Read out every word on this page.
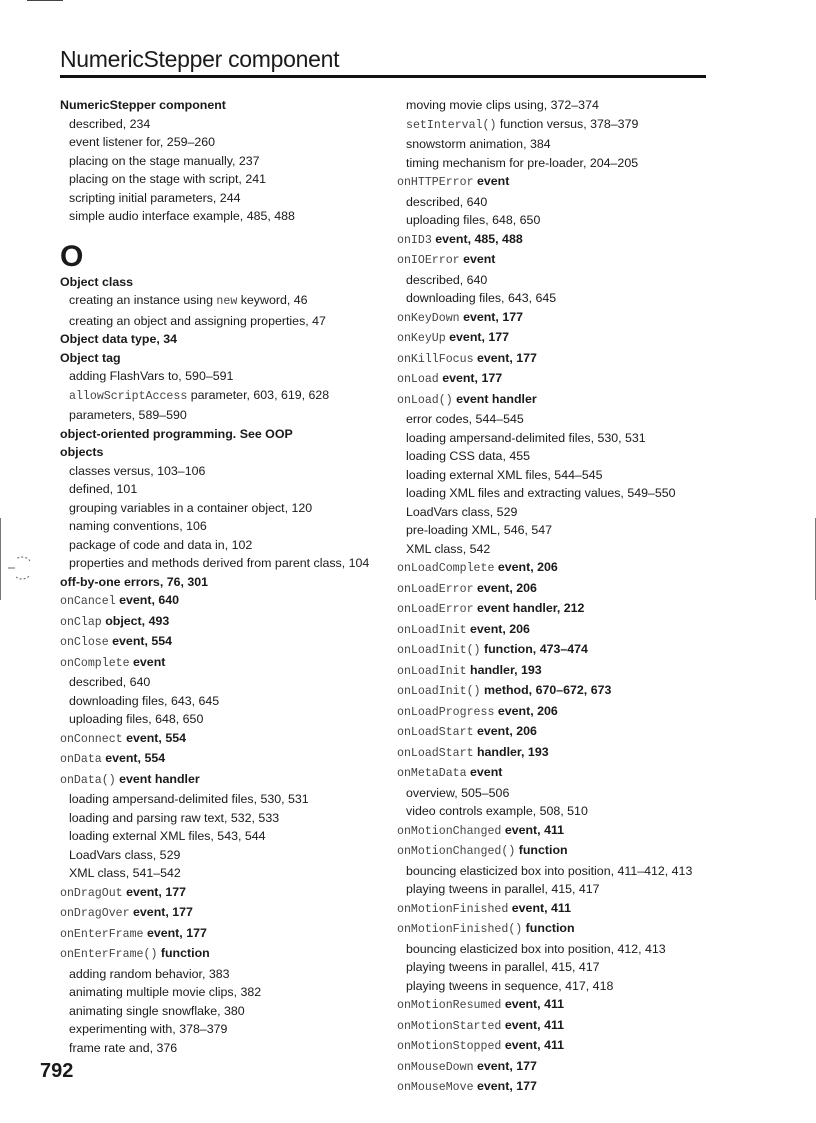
NumericStepper component
NumericStepper component
described, 234
event listener for, 259–260
placing on the stage manually, 237
placing on the stage with script, 241
scripting initial parameters, 244
simple audio interface example, 485, 488
O
Object class
creating an instance using new keyword, 46
creating an object and assigning properties, 47
Object data type, 34
Object tag
adding FlashVars to, 590–591
allowScriptAccess parameter, 603, 619, 628
parameters, 589–590
object-oriented programming. See OOP
objects
classes versus, 103–106
defined, 101
grouping variables in a container object, 120
naming conventions, 106
package of code and data in, 102
properties and methods derived from parent class, 104
off-by-one errors, 76, 301
onCancel event, 640
onClap object, 493
onClose event, 554
onComplete event
described, 640
downloading files, 643, 645
uploading files, 648, 650
onConnect event, 554
onData event, 554
onData() event handler
loading ampersand-delimited files, 530, 531
loading and parsing raw text, 532, 533
loading external XML files, 543, 544
LoadVars class, 529
XML class, 541–542
onDragOut event, 177
onDragOver event, 177
onEnterFrame event, 177
onEnterFrame() function
adding random behavior, 383
animating multiple movie clips, 382
animating single snowflake, 380
experimenting with, 378–379
frame rate and, 376
moving movie clips using, 372–374
setInterval() function versus, 378–379
snowstorm animation, 384
timing mechanism for pre-loader, 204–205
onHTTPError event
described, 640
uploading files, 648, 650
onID3 event, 485, 488
onIOError event
described, 640
downloading files, 643, 645
onKeyDown event, 177
onKeyUp event, 177
onKillFocus event, 177
onLoad event, 177
onLoad() event handler
error codes, 544–545
loading ampersand-delimited files, 530, 531
loading CSS data, 455
loading external XML files, 544–545
loading XML files and extracting values, 549–550
LoadVars class, 529
pre-loading XML, 546, 547
XML class, 542
onLoadComplete event, 206
onLoadError event, 206
onLoadError event handler, 212
onLoadInit event, 206
onLoadInit() function, 473–474
onLoadInit handler, 193
onLoadInit() method, 670–672, 673
onLoadProgress event, 206
onLoadStart event, 206
onLoadStart handler, 193
onMetaData event
overview, 505–506
video controls example, 508, 510
onMotionChanged event, 411
onMotionChanged() function
bouncing elasticized box into position, 411–412, 413
playing tweens in parallel, 415, 417
onMotionFinished event, 411
onMotionFinished() function
bouncing elasticized box into position, 412, 413
playing tweens in parallel, 415, 417
playing tweens in sequence, 417, 418
onMotionResumed event, 411
onMotionStarted event, 411
onMotionStopped event, 411
onMouseDown event, 177
onMouseMove event, 177
792
